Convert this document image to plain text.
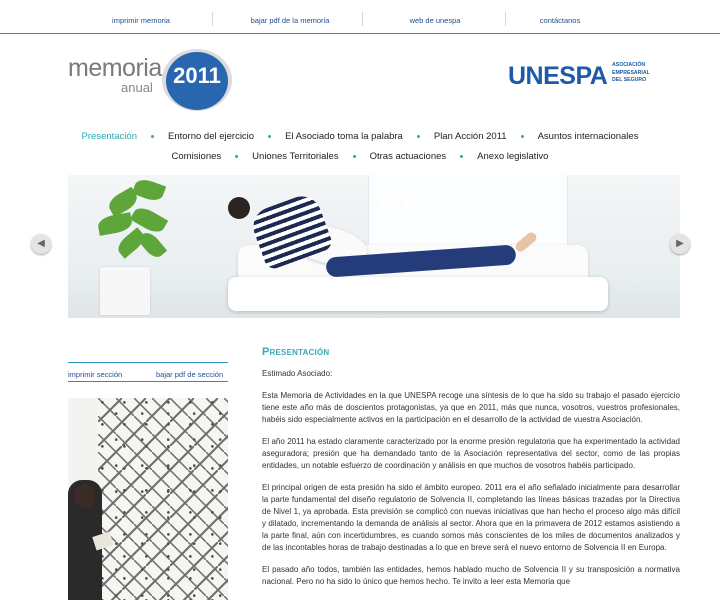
imprimir memoria	bajar pdf de la memoria	web de unespa	contáctanos
memoria
anual 2011	UNESPA ASOCIACIÓN
EMPRESARIAL
DEL SEGURO
Presentación	Entorno del ejercicio	El Asociado toma la palabra	Plan Acción 2011	Asuntos internacionales
Comisiones	Uniones Territoriales	Otras actuaciones	Anexo legislativo
◀	▶
imprimir sección	bajar pdf de sección
Presentación

Estimado Asociado:

Esta Memoria de Actividades en la que UNESPA recoge una síntesis de lo que ha sido su trabajo el pasado ejercicio tiene este año más de doscientos protagonistas, ya que en 2011, más que nunca, vosotros, vuestros profesionales, habéis sido especialmente activos en la participación en el desarrollo de la actividad de vuestra Asociación.

El año 2011 ha estado claramente caracterizado por la enorme presión regulatoria que ha experimentado la actividad aseguradora; presión que ha demandado tanto de la Asociación representativa del sector, como de las propias entidades, un notable esfuerzo de coordinación y análisis en que muchos de vosotros habéis participado.

El principal origen de esta presión ha sido el ámbito europeo. 2011 era el año señalado inicialmente para desarrollar la parte fundamental del diseño regulatorio de Solvencia II, completando las líneas básicas trazadas por la Directiva de Nivel 1, ya aprobada. Esta previsión se complicó con nuevas iniciativas que han hecho el proceso algo más difícil y dilatado, incrementando la demanda de análisis al sector. Ahora que en la primavera de 2012 estamos asistiendo a la parte final, aún con incertidumbres, es cuando somos más conscientes de los miles de documentos analizados y de las incontables horas de trabajo destinadas a lo que en breve será el nuevo entorno de Solvencia II en Europa.

El pasado año todos, también las entidades, hemos hablado mucho de Solvencia II y su transposición a normativa nacional. Pero no ha sido lo único que hemos hecho. Te invito a leer esta Memoria que
